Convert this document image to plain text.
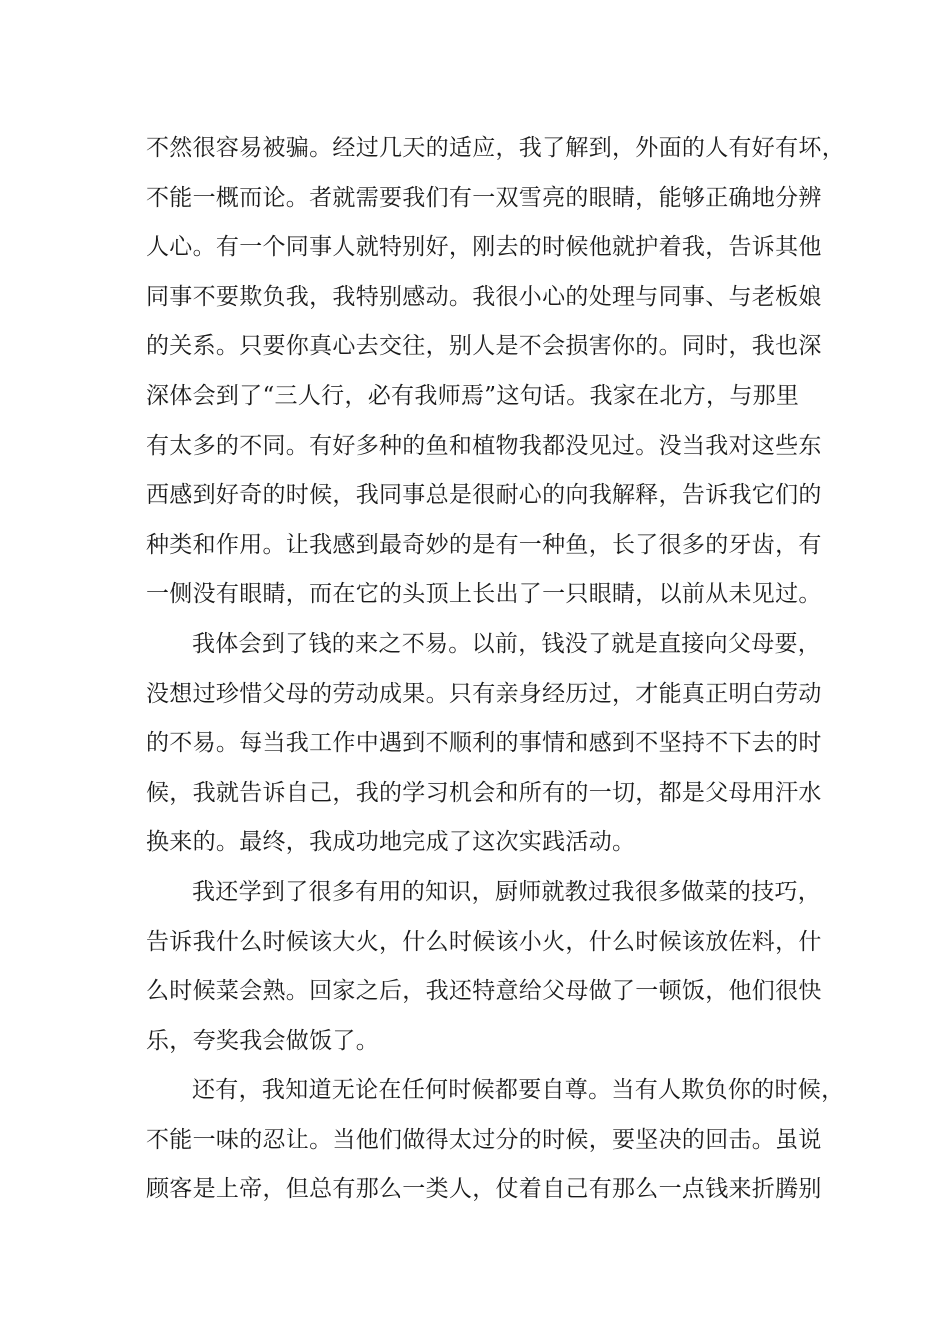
不然很容易被骗。经过几天的适应，我了解到，外面的人有好有坏，
不能一概而论。者就需要我们有一双雪亮的眼睛，能够正确地分辨
人心。有一个同事人就特别好，刚去的时候他就护着我，告诉其他
同事不要欺负我，我特别感动。我很小心的处理与同事、与老板娘
的关系。只要你真心去交往，别人是不会损害你的。同时，我也深
深体会到了“三人行，必有我师焉”这句话。我家在北方，与那里
有太多的不同。有好多种的鱼和植物我都没见过。没当我对这些东
西感到好奇的时候，我同事总是很耐心的向我解释，告诉我它们的
种类和作用。让我感到最奇妙的是有一种鱼，长了很多的牙齿，有
一侧没有眼睛，而在它的头顶上长出了一只眼睛，以前从未见过。
我体会到了钱的来之不易。以前，钱没了就是直接向父母要，
没想过珍惜父母的劳动成果。只有亲身经历过，才能真正明白劳动
的不易。每当我工作中遇到不顺利的事情和感到不坚持不下去的时
候，我就告诉自己，我的学习机会和所有的一切，都是父母用汗水
换来的。最终，我成功地完成了这次实践活动。
我还学到了很多有用的知识，厨师就教过我很多做菜的技巧，
告诉我什么时候该大火，什么时候该小火，什么时候该放佐料，什
么时候菜会熟。回家之后，我还特意给父母做了一顿饭，他们很快
乐，夸奖我会做饭了。
还有，我知道无论在任何时候都要自尊。当有人欺负你的时候，
不能一味的忍让。当他们做得太过分的时候，要坚决的回击。虽说
顾客是上帝，但总有那么一类人，仗着自己有那么一点钱来折腾别
